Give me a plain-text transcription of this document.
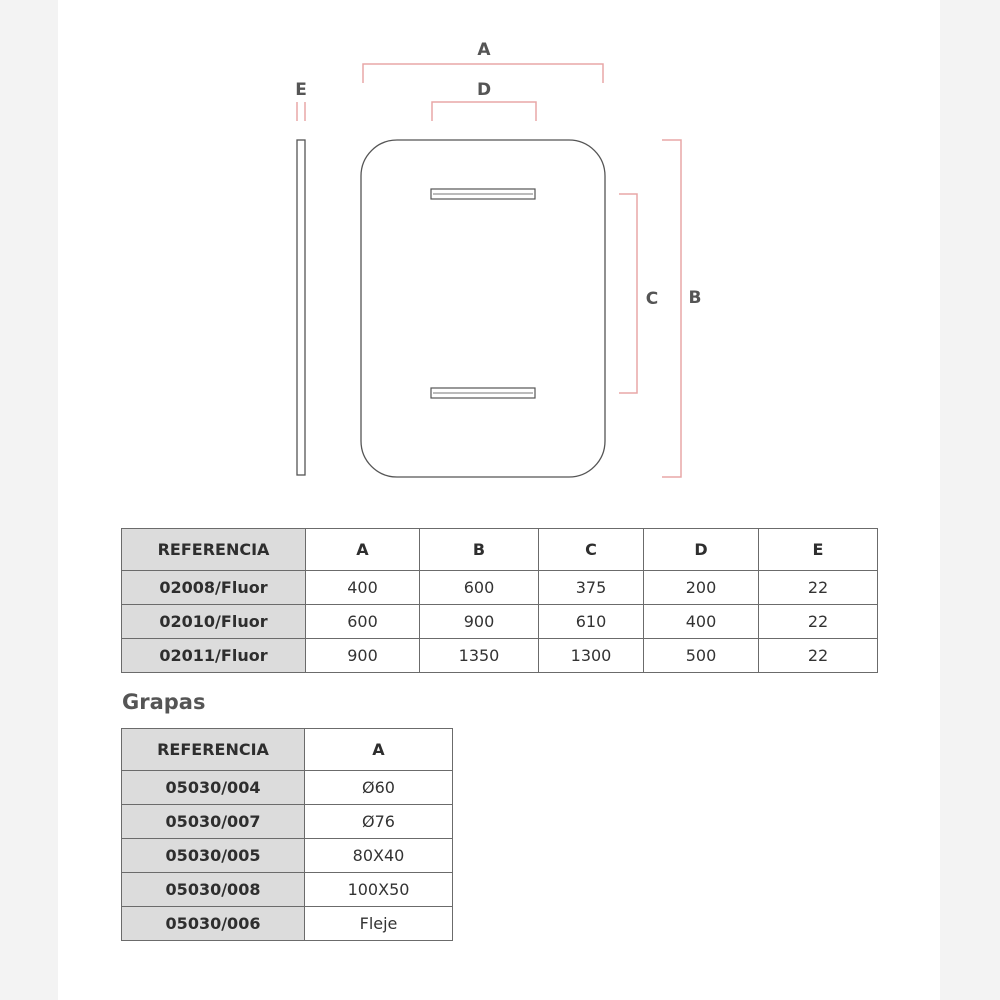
A
D
E
C B
REFERENCIA	A	B	C	D	E
02008/Fluor	400	600	375	200	22
02010/Fluor	600	900	610	400	22
02011/Fluor	900	1350	1300	500	22
Grapas
REFERENCIA	A
05030/004	Ø60
05030/007	Ø76
05030/005	80X40
05030/008	100X50
05030/006	Fleje
